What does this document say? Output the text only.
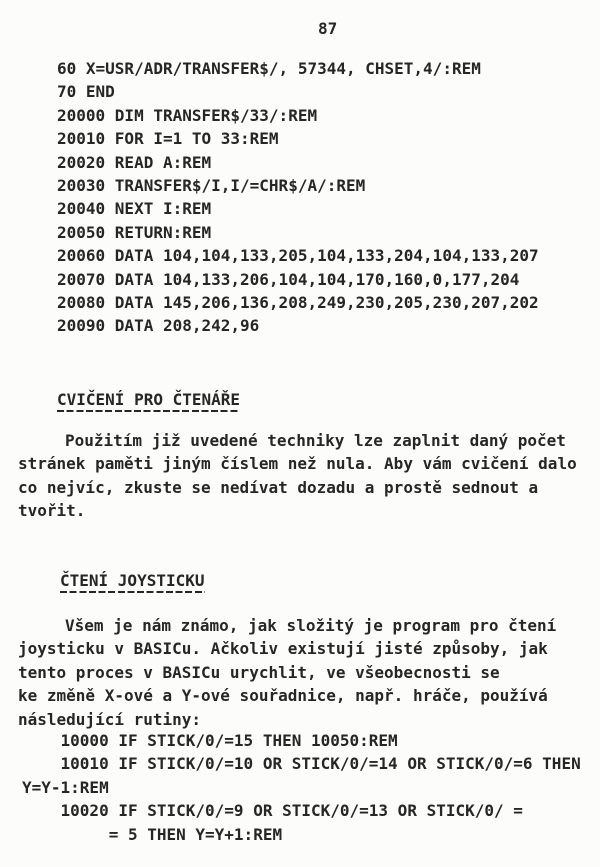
87
60 X=USR/ADR/TRANSFER$/, 57344, CHSET,4/:REM
70 END
20000 DIM TRANSFER$/33/:REM
20010 FOR I=1 TO 33:REM
20020 READ A:REM
20030 TRANSFER$/I,I/=CHR$/A/:REM
20040 NEXT I:REM
20050 RETURN:REM
20060 DATA 104,104,133,205,104,133,204,104,133,207
20070 DATA 104,133,206,104,104,170,160,0,177,204
20080 DATA 145,206,136,208,249,230,205,230,207,202
20090 DATA 208,242,96
CVIČENÍ PRO ČTENÁŘE
Použitím již uvedené techniky lze zaplnit daný počet
stránek paměti jiným číslem než nula. Aby vám cvičení dalo
co nejvíc, zkuste se nedívat dozadu a prostě sednout a
tvořit.
ČTENÍ JOYSTICKU
Všem je nám známo, jak složitý je program pro čtení
joysticku v BASICu. Ačkoliv existují jisté způsoby, jak
tento proces v BASICu urychlit, ve všeobecnosti se
ke změně X-ové a Y-ové souřadnice, např. hráče, používá
následující rutiny:
10000 IF STICK/0/=15 THEN 10050:REM
10010 IF STICK/0/=10 OR STICK/0/=14 OR STICK/0/=6 THEN
Y=Y-1:REM
10020 IF STICK/0/=9 OR STICK/0/=13 OR STICK/0/ =
= 5 THEN Y=Y+1:REM
